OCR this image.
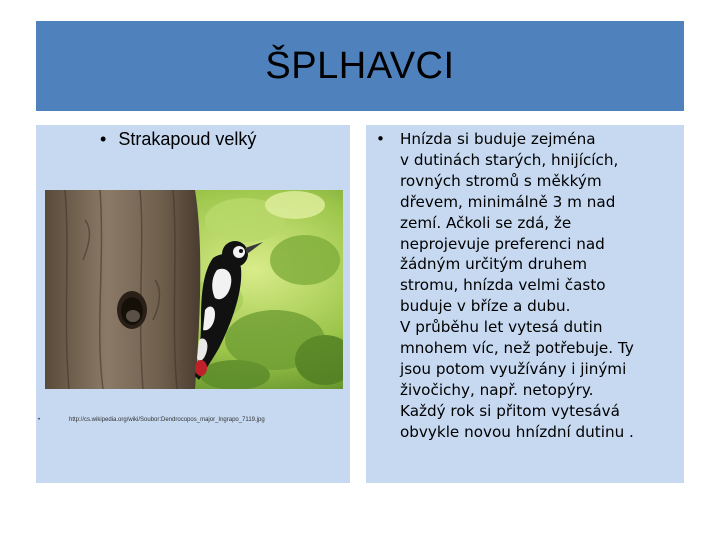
ŠPLHAVCI
• Strakapoud velký
•	http://cs.wikipedia.org/wiki/Soubor:Dendrocopos_major_Ingrapo_7119.jpg
• Hnízda si buduje zejména
v dutinách starých, hnijících,
rovných stromů s měkkým
dřevem, minimálně 3 m nad
zemí. Ačkoli se zdá, že
neprojevuje preferenci nad
žádným určitým druhem
stromu, hnízda velmi často
buduje v bříze a dubu.
V průběhu let vytesá dutin
mnohem víc, než potřebuje. Ty
jsou potom využívány i jinými
živočichy, např. netopýry.
Každý rok si přitom vytesává
obvykle novou hnízdní dutinu .
